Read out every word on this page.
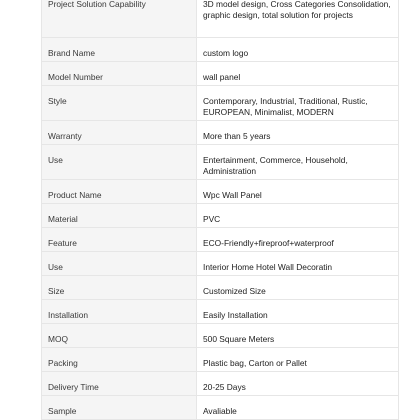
Project Solution Capability	3D model design, Cross Categories Consolidation, graphic design, total solution for projects

Brand Name	custom logo

Model Number	wall panel

Style	Contemporary, Industrial, Traditional, Rustic, EUROPEAN, Minimalist, MODERN

Warranty	More than 5 years

Use	Entertainment, Commerce, Household, Administration

Product Name	Wpc Wall Panel

Material	PVC

Feature	ECO-Friendly+fireproof+waterproof

Use	Interior Home Hotel Wall Decoratin

Size	Customized Size

Installation	Easily Installation

MOQ	500 Square Meters

Packing	Plastic bag, Carton or Pallet

Delivery Time	20-25 Days

Sample	Avaliable
